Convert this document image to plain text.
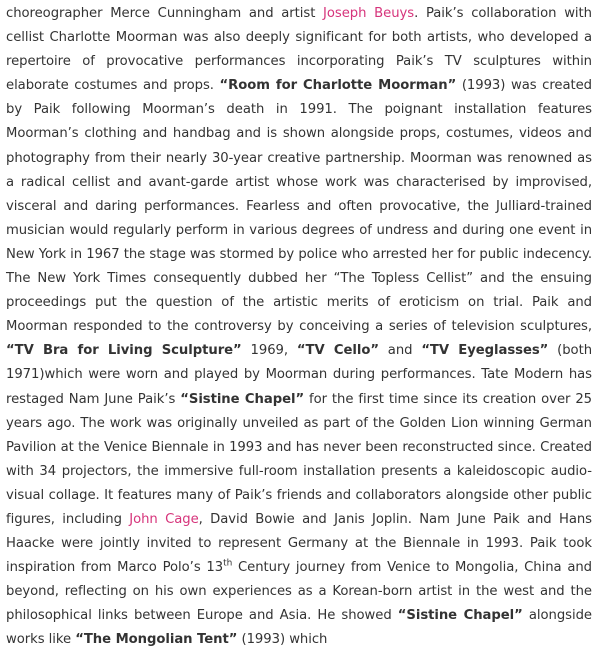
choreographer Merce Cunningham and artist Joseph Beuys. Paik’s collaboration with cellist Charlotte Moorman was also deeply significant for both artists, who developed a repertoire of provocative performances incorporating Paik’s TV sculptures within elaborate costumes and props. “Room for Charlotte Moorman” (1993) was created by Paik following Moorman’s death in 1991. The poignant installation features Moorman’s clothing and handbag and is shown alongside props, costumes, videos and photography from their nearly 30-year creative partnership. Moorman was renowned as a radical cellist and avant-garde artist whose work was characterised by improvised, visceral and daring performances. Fearless and often provocative, the Julliard-trained musician would regularly perform in various degrees of undress and during one event in New York in 1967 the stage was stormed by police who arrested her for public indecency. The New York Times consequently dubbed her “The Topless Cellist” and the ensuing proceedings put the question of the artistic merits of eroticism on trial. Paik and Moorman responded to the controversy by conceiving a series of television sculptures, “TV Bra for Living Sculpture” 1969, “TV Cello” and “TV Eyeglasses” (both 1971)which were worn and played by Moorman during performances. Tate Modern has restaged Nam June Paik’s “Sistine Chapel” for the first time since its creation over 25 years ago. The work was originally unveiled as part of the Golden Lion winning German Pavilion at the Venice Biennale in 1993 and has never been reconstructed since. Created with 34 projectors, the immersive full-room installation presents a kaleidoscopic audio-visual collage. It features many of Paik’s friends and collaborators alongside other public figures, including John Cage, David Bowie and Janis Joplin. Nam June Paik and Hans Haacke were jointly invited to represent Germany at the Biennale in 1993. Paik took inspiration from Marco Polo’s 13th Century journey from Venice to Mongolia, China and beyond, reflecting on his own experiences as a Korean-born artist in the west and the philosophical links between Europe and Asia. He showed “Sistine Chapel” alongside works like “The Mongolian Tent” (1993) which
